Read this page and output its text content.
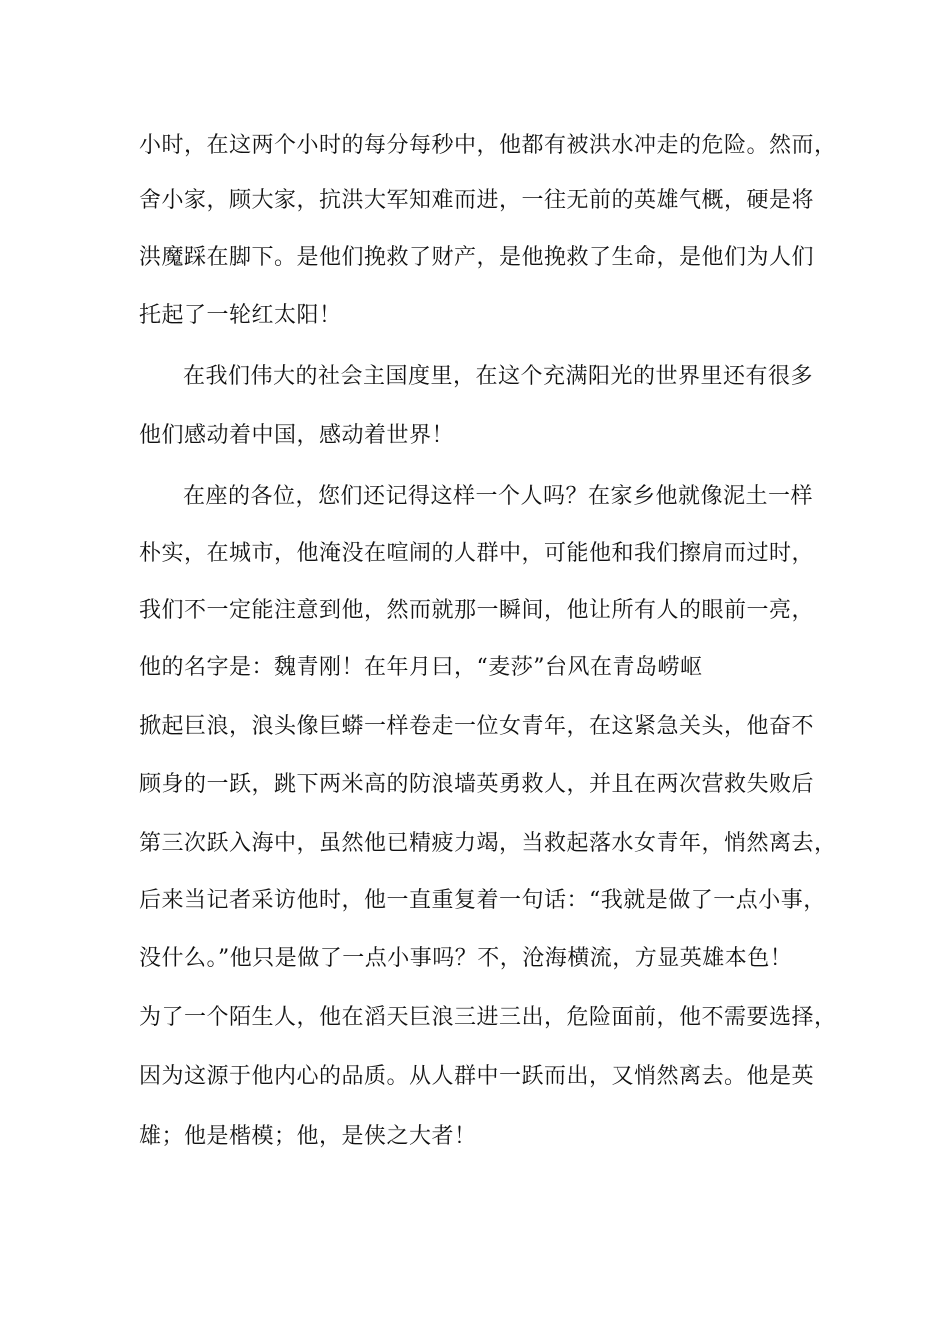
小时，在这两个小时的每分每秒中，他都有被洪水冲走的危险。然而，
舍小家，顾大家，抗洪大军知难而进，一往无前的英雄气概，硬是将
洪魔踩在脚下。是他们挽救了财产，是他挽救了生命，是他们为人们
托起了一轮红太阳！
在我们伟大的社会主国度里，在这个充满阳光的世界里还有很多
他们感动着中国，感动着世界！
在座的各位，您们还记得这样一个人吗？在家乡他就像泥土一样
朴实，在城市，他淹没在喧闹的人群中，可能他和我们擦肩而过时，
我们不一定能注意到他，然而就那一瞬间，他让所有人的眼前一亮，
他的名字是：魏青刚！在年月曰，“麦莎”台风在青岛崂岖
掀起巨浪，浪头像巨蟒一样卷走一位女青年，在这紧急关头，他奋不
顾身的一跃，跳下两米高的防浪墙英勇救人，并且在两次营救失败后
第三次跃入海中，虽然他已精疲力竭，当救起落水女青年，悄然离去，
后来当记者采访他时，他一直重复着一句话：“我就是做了一点小事，
没什么。”他只是做了一点小事吗？不，沧海横流，方显英雄本色！
为了一个陌生人，他在滔天巨浪三进三出，危险面前，他不需要选择，
因为这源于他内心的品质。从人群中一跃而出，又悄然离去。他是英
雄；他是楷模；他，是侠之大者！
